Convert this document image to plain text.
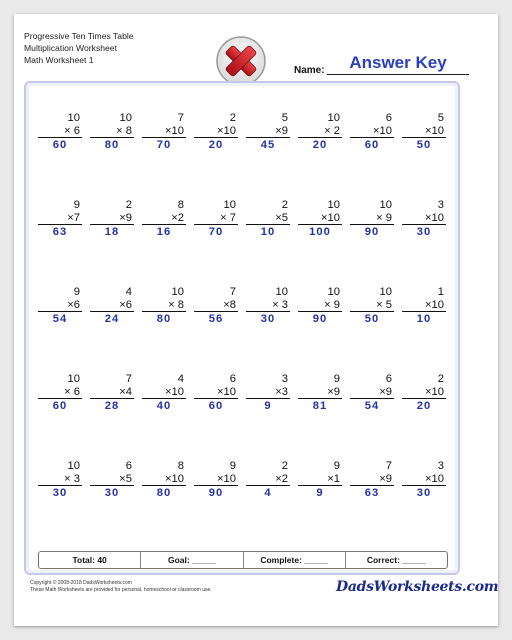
Progressive Ten Times Table
Multiplication Worksheet
Math Worksheet 1
Name:	Answer Key
10
× 6
60
10
× 8
80
7
×10
70
2
×10
20
5
×9
45
10
× 2
20
6
×10
60
5
×10
50
9
×7
63
2
×9
18
8
×2
16
10
× 7
70
2
×5
10
10
×10
100
10
× 9
90
3
×10
30
9
×6
54
4
×6
24
10
× 8
80
7
×8
56
10
× 3
30
10
× 9
90
10
× 5
50
1
×10
10
10
× 6
60
7
×4
28
4
×10
40
6
×10
60
3
×3
9
9
×9
81
6
×9
54
2
×10
20
10
× 3
30
6
×5
30
8
×10
80
9
×10
90
2
×2
4
9
×1
9
7
×9
63
3
×10
30
Total: 40	Goal: _____	Complete: _____	Correct: _____
Copyright © 2008-2018 DadsWorksheets.com
These Math Worksheets are provided for personal, homeschool or classroom use.	DadsWorksheets.com
